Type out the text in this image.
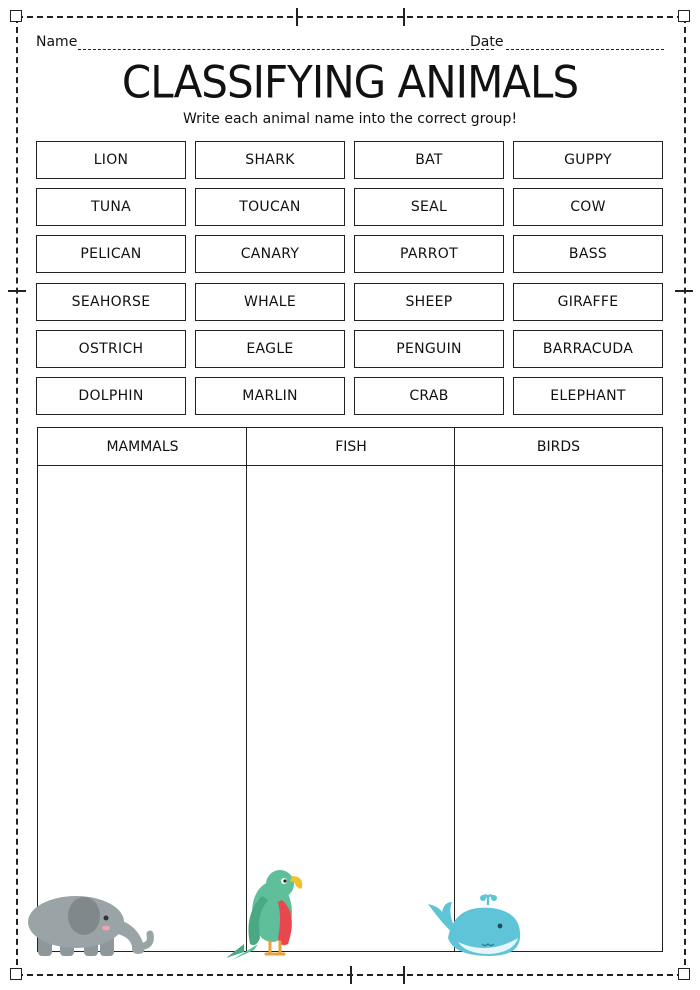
Name	Date
CLASSIFYING ANIMALS
Write each animal name into the correct group!
LION	SHARK	BAT	GUPPY
TUNA	TOUCAN	SEAL	COW
PELICAN	CANARY	PARROT	BASS
SEAHORSE	WHALE	SHEEP	GIRAFFE
OSTRICH	EAGLE	PENGUIN	BARRACUDA
DOLPHIN	MARLIN	CRAB	ELEPHANT
MAMMALS	FISH	BIRDS
